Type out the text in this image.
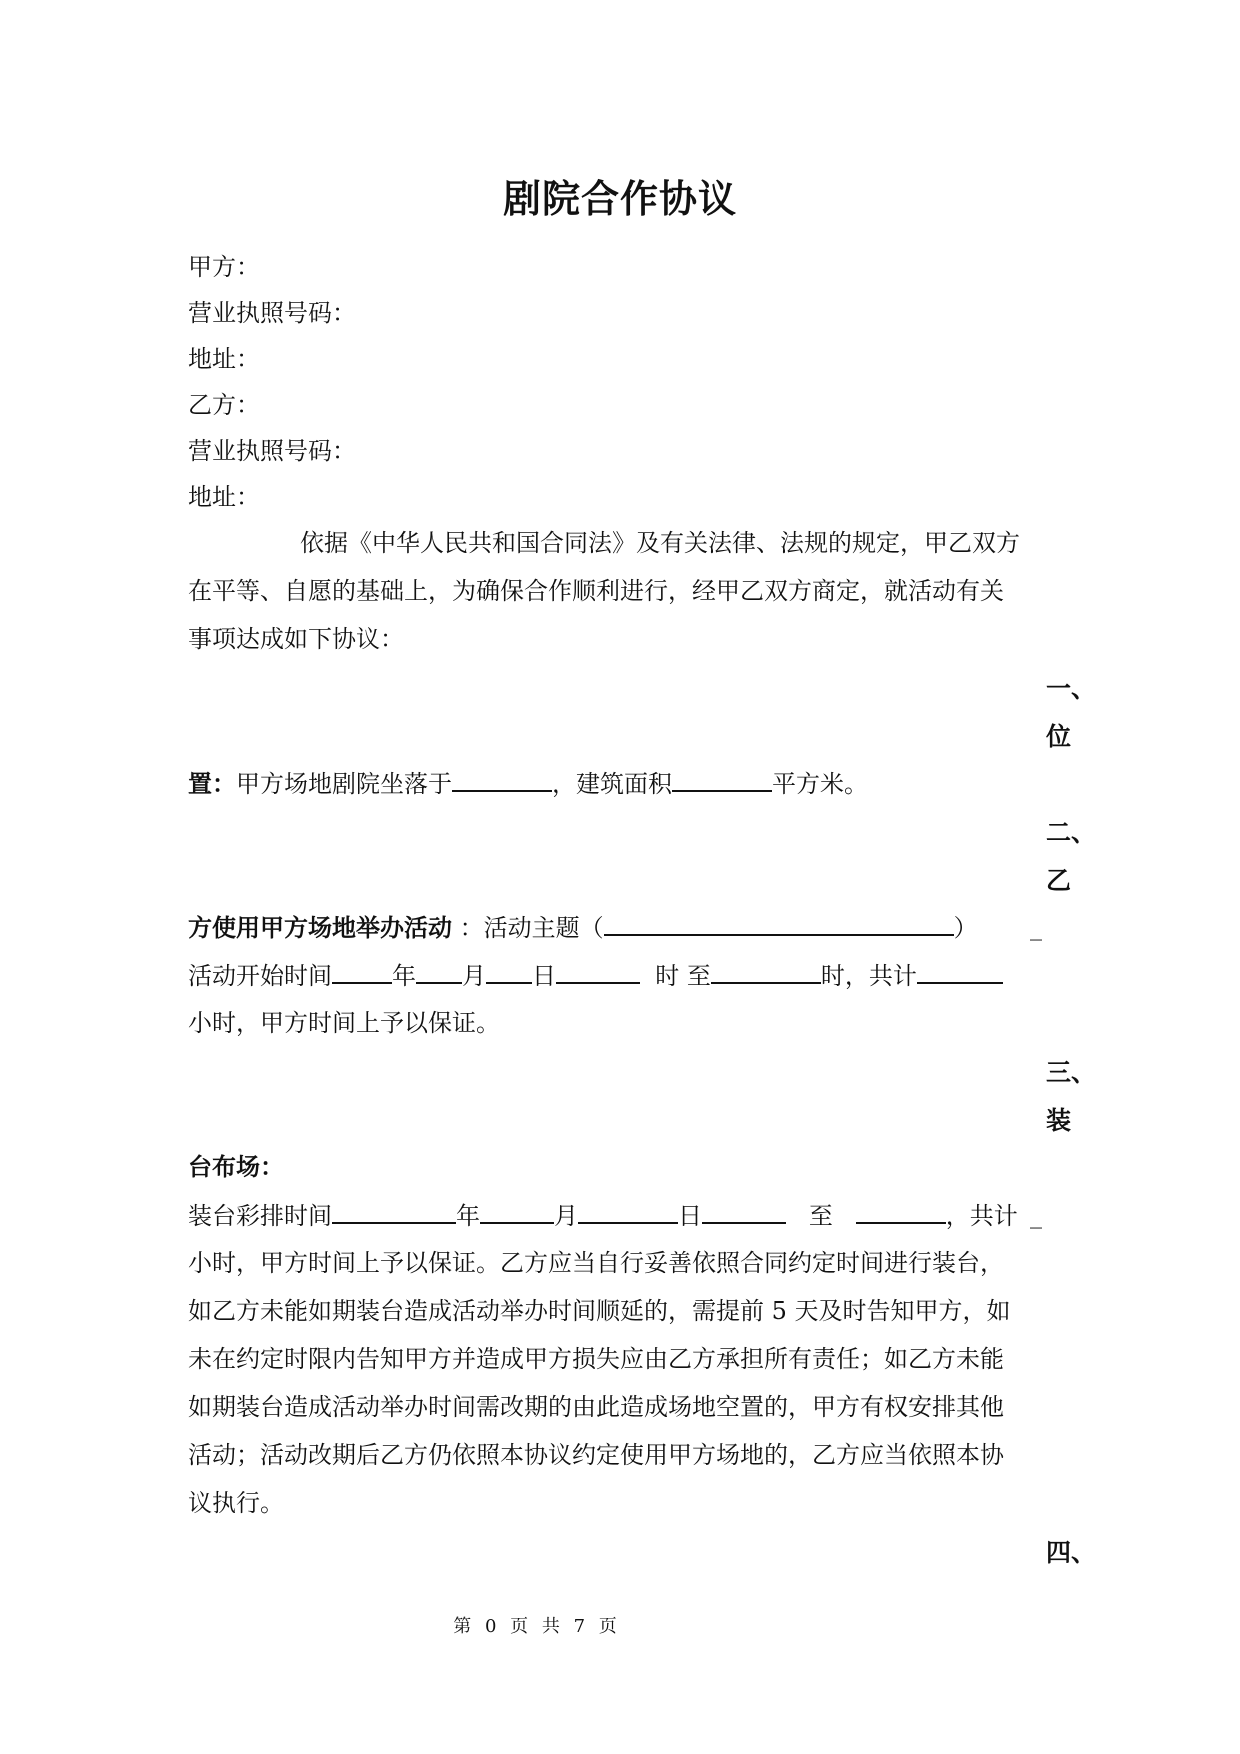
剧院合作协议
甲方：
营业执照号码：
地址：
乙方：
营业执照号码：
地址：
依据《中华人民共和国合同法》及有关法律、法规的规定，甲乙双方
在平等、自愿的基础上，为确保合作顺利进行，经甲乙双方商定，就活动有关
事项达成如下协议：
一、
位
置：甲方场地剧院坐落于	，建筑面积	平方米。
二、
乙
方使用甲方场地举办活动 ：活动主题（	） _
活动开始时间	年 月 日	时 至	时，共计
小时，甲方时间上予以保证。
三、
装
台布场：
装台彩排时间	年	月	日	至	，共计 _
小时，甲方时间上予以保证。乙方应当自行妥善依照合同约定时间进行装台，
如乙方未能如期装台造成活动举办时间顺延的，需提前 5 天及时告知甲方，如
未在约定时限内告知甲方并造成甲方损失应由乙方承担所有责任；如乙方未能
如期装台造成活动举办时间需改期的由此造成场地空置的，甲方有权安排其他
活动；活动改期后乙方仍依照本协议约定使用甲方场地的，乙方应当依照本协
议执行。
四、
第 0 页 共 7 页
